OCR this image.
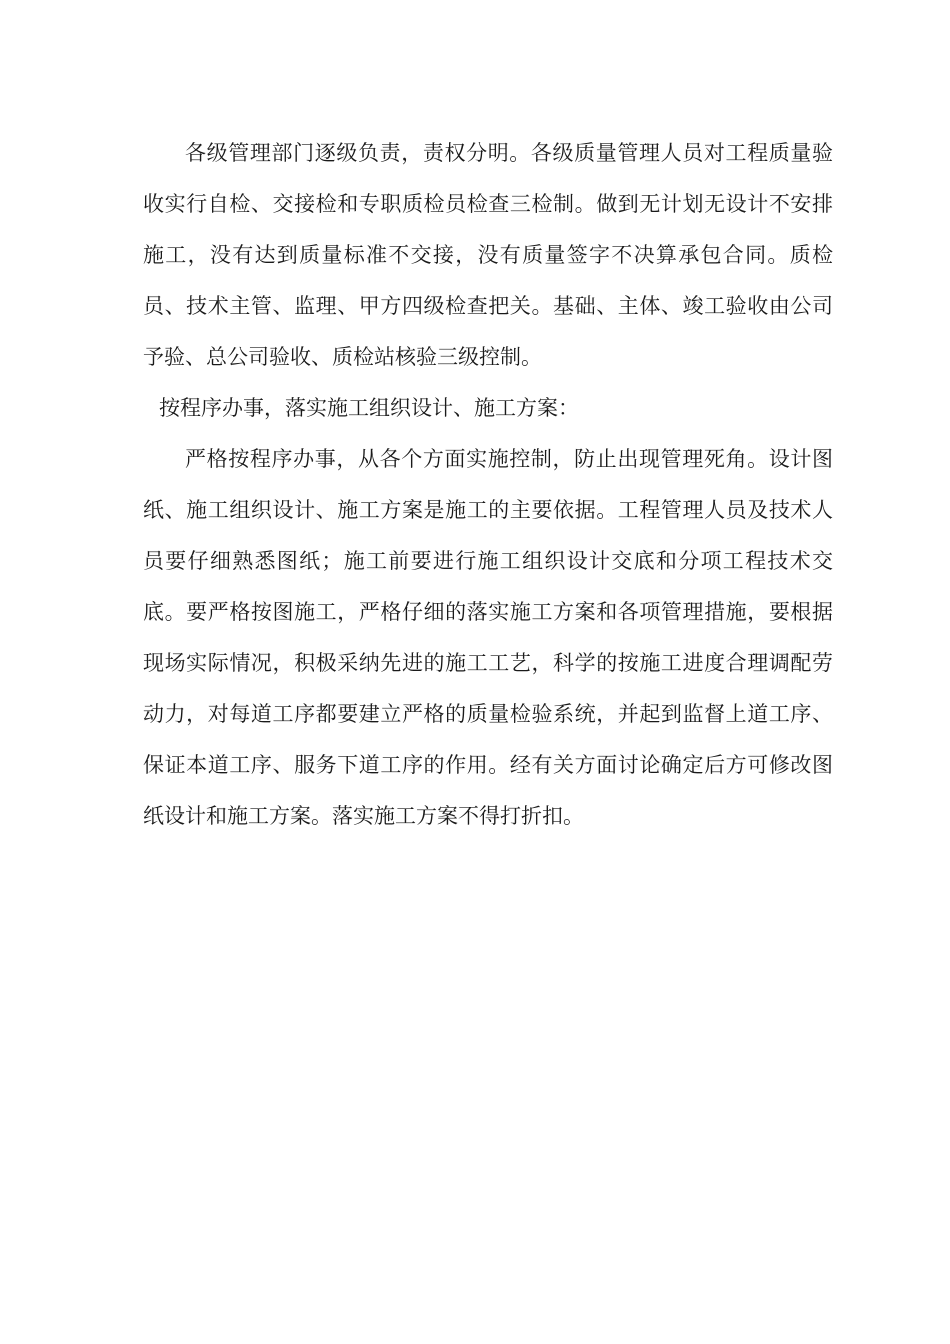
各级管理部门逐级负责，责权分明。各级质量管理人员对工程质量验收实行自检、交接检和专职质检员检查三检制。做到无计划无设计不安排施工，没有达到质量标准不交接，没有质量签字不决算承包合同。质检员、技术主管、监理、甲方四级检查把关。基础、主体、竣工验收由公司予验、总公司验收、质检站核验三级控制。

按程序办事，落实施工组织设计、施工方案：

严格按程序办事，从各个方面实施控制，防止出现管理死角。设计图纸、施工组织设计、施工方案是施工的主要依据。工程管理人员及技术人员要仔细熟悉图纸；施工前要进行施工组织设计交底和分项工程技术交底。要严格按图施工，严格仔细的落实施工方案和各项管理措施，要根据现场实际情况，积极采纳先进的施工工艺，科学的按施工进度合理调配劳动力，对每道工序都要建立严格的质量检验系统，并起到监督上道工序、保证本道工序、服务下道工序的作用。经有关方面讨论确定后方可修改图纸设计和施工方案。落实施工方案不得打折扣。
